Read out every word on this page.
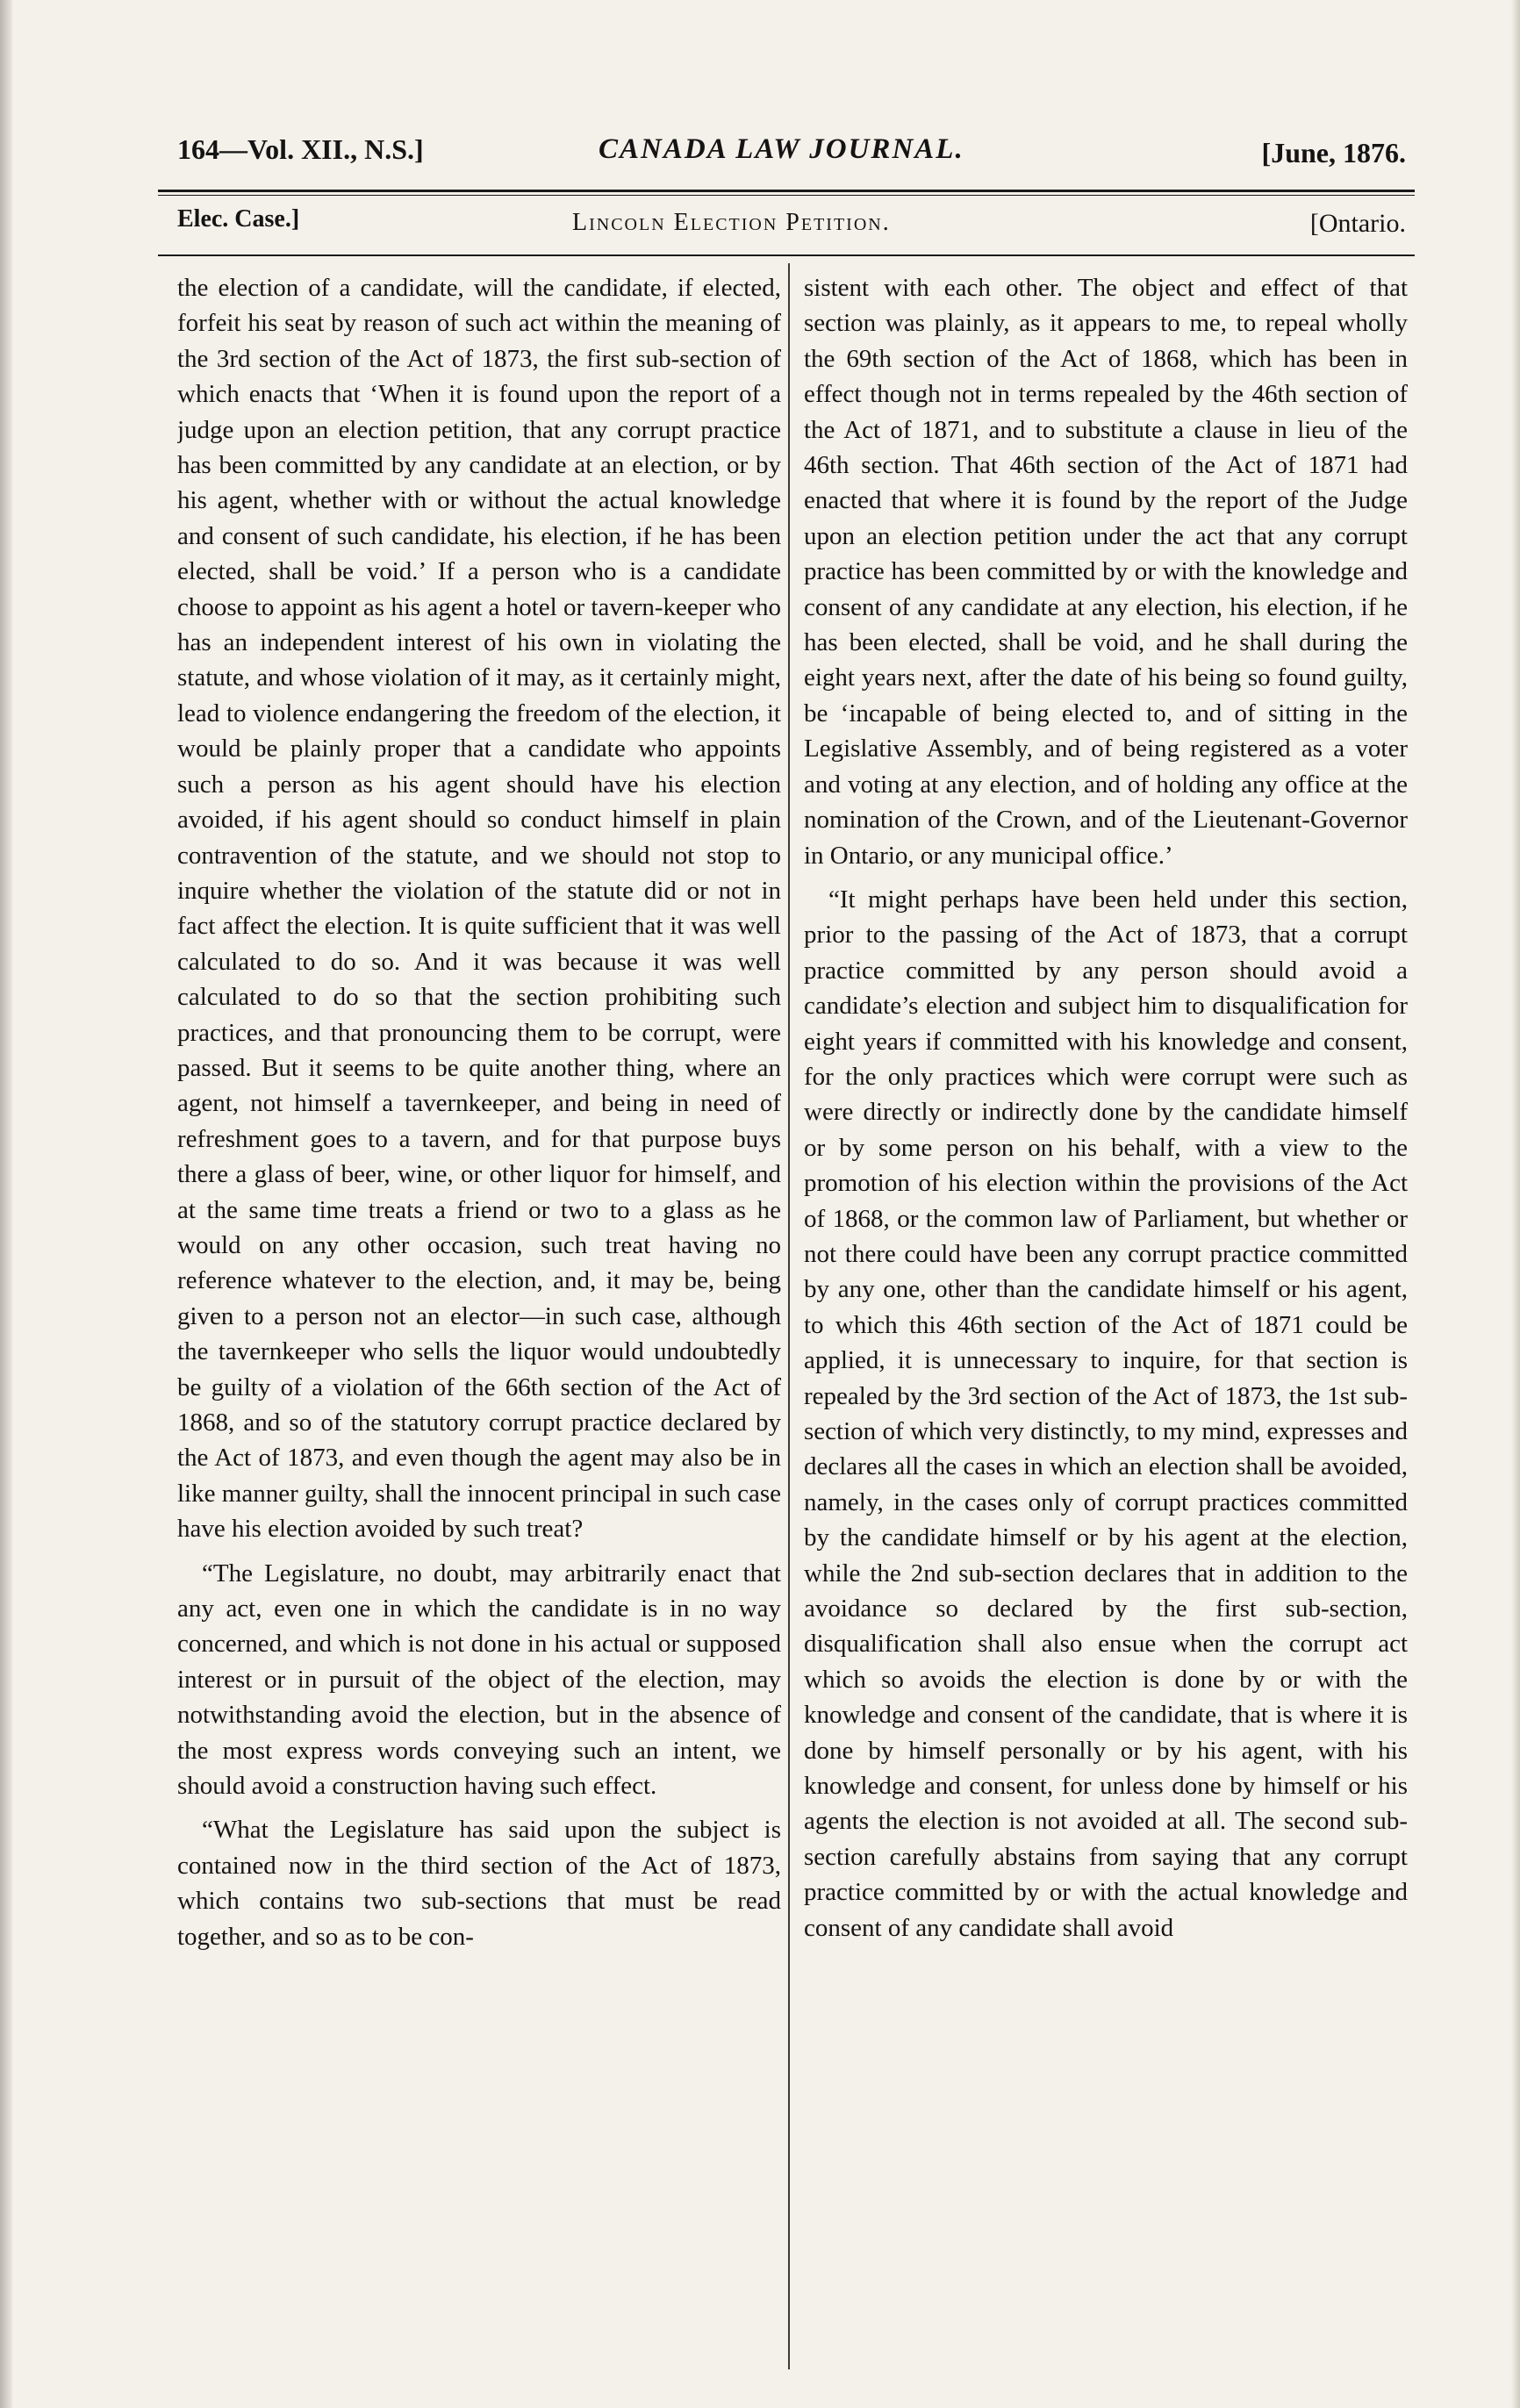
164—Vol. XII., N.S.]	CANADA LAW JOURNAL.	[June, 1876.
Elec. Case.]	Lincoln Election Petition.	[Ontario.

the election of a candidate, will the candidate, if elected, forfeit his seat by reason of such act within the meaning of the 3rd section of the Act of 1873, the first sub-section of which enacts that ‘When it is found upon the report of a judge upon an election petition, that any corrupt practice has been committed by any candidate at an election, or by his agent, whether with or without the actual knowledge and consent of such candidate, his election, if he has been elected, shall be void.’ If a person who is a candidate choose to appoint as his agent a hotel or tavern-keeper who has an independent interest of his own in violating the statute, and whose violation of it may, as it certainly might, lead to violence endangering the freedom of the election, it would be plainly proper that a candidate who appoints such a person as his agent should have his election avoided, if his agent should so conduct himself in plain contravention of the statute, and we should not stop to inquire whether the violation of the statute did or not in fact affect the election. It is quite sufficient that it was well calculated to do so. And it was because it was well calculated to do so that the section prohibiting such practices, and that pronouncing them to be corrupt, were passed. But it seems to be quite another thing, where an agent, not himself a tavernkeeper, and being in need of refreshment goes to a tavern, and for that purpose buys there a glass of beer, wine, or other liquor for himself, and at the same time treats a friend or two to a glass as he would on any other occasion, such treat having no reference whatever to the election, and, it may be, being given to a person not an elector—in such case, although the tavernkeeper who sells the liquor would undoubtedly be guilty of a violation of the 66th section of the Act of 1868, and so of the statutory corrupt practice declared by the Act of 1873, and even though the agent may also be in like manner guilty, shall the innocent principal in such case have his election avoided by such treat?

“The Legislature, no doubt, may arbitrarily enact that any act, even one in which the candidate is in no way concerned, and which is not done in his actual or supposed interest or in pursuit of the object of the election, may notwithstanding avoid the election, but in the absence of the most express words conveying such an intent, we should avoid a construction having such effect.

“What the Legislature has said upon the subject is contained now in the third section of the Act of 1873, which contains two sub-sections that must be read together, and so as to be con-

sistent with each other. The object and effect of that section was plainly, as it appears to me, to repeal wholly the 69th section of the Act of 1868, which has been in effect though not in terms repealed by the 46th section of the Act of 1871, and to substitute a clause in lieu of the 46th section. That 46th section of the Act of 1871 had enacted that where it is found by the report of the Judge upon an election petition under the act that any corrupt practice has been committed by or with the knowledge and consent of any candidate at any election, his election, if he has been elected, shall be void, and he shall during the eight years next, after the date of his being so found guilty, be ‘incapable of being elected to, and of sitting in the Legislative Assembly, and of being registered as a voter and voting at any election, and of holding any office at the nomination of the Crown, and of the Lieutenant-Governor in Ontario, or any municipal office.’

“It might perhaps have been held under this section, prior to the passing of the Act of 1873, that a corrupt practice committed by any person should avoid a candidate’s election and subject him to disqualification for eight years if committed with his knowledge and consent, for the only practices which were corrupt were such as were directly or indirectly done by the candidate himself or by some person on his behalf, with a view to the promotion of his election within the provisions of the Act of 1868, or the common law of Parliament, but whether or not there could have been any corrupt practice committed by any one, other than the candidate himself or his agent, to which this 46th section of the Act of 1871 could be applied, it is unnecessary to inquire, for that section is repealed by the 3rd section of the Act of 1873, the 1st sub-section of which very distinctly, to my mind, expresses and declares all the cases in which an election shall be avoided, namely, in the cases only of corrupt practices committed by the candidate himself or by his agent at the election, while the 2nd sub-section declares that in addition to the avoidance so declared by the first sub-section, disqualification shall also ensue when the corrupt act which so avoids the election is done by or with the knowledge and consent of the candidate, that is where it is done by himself personally or by his agent, with his knowledge and consent, for unless done by himself or his agents the election is not avoided at all. The second sub-section carefully abstains from saying that any corrupt practice committed by or with the actual knowledge and consent of any candidate shall avoid
